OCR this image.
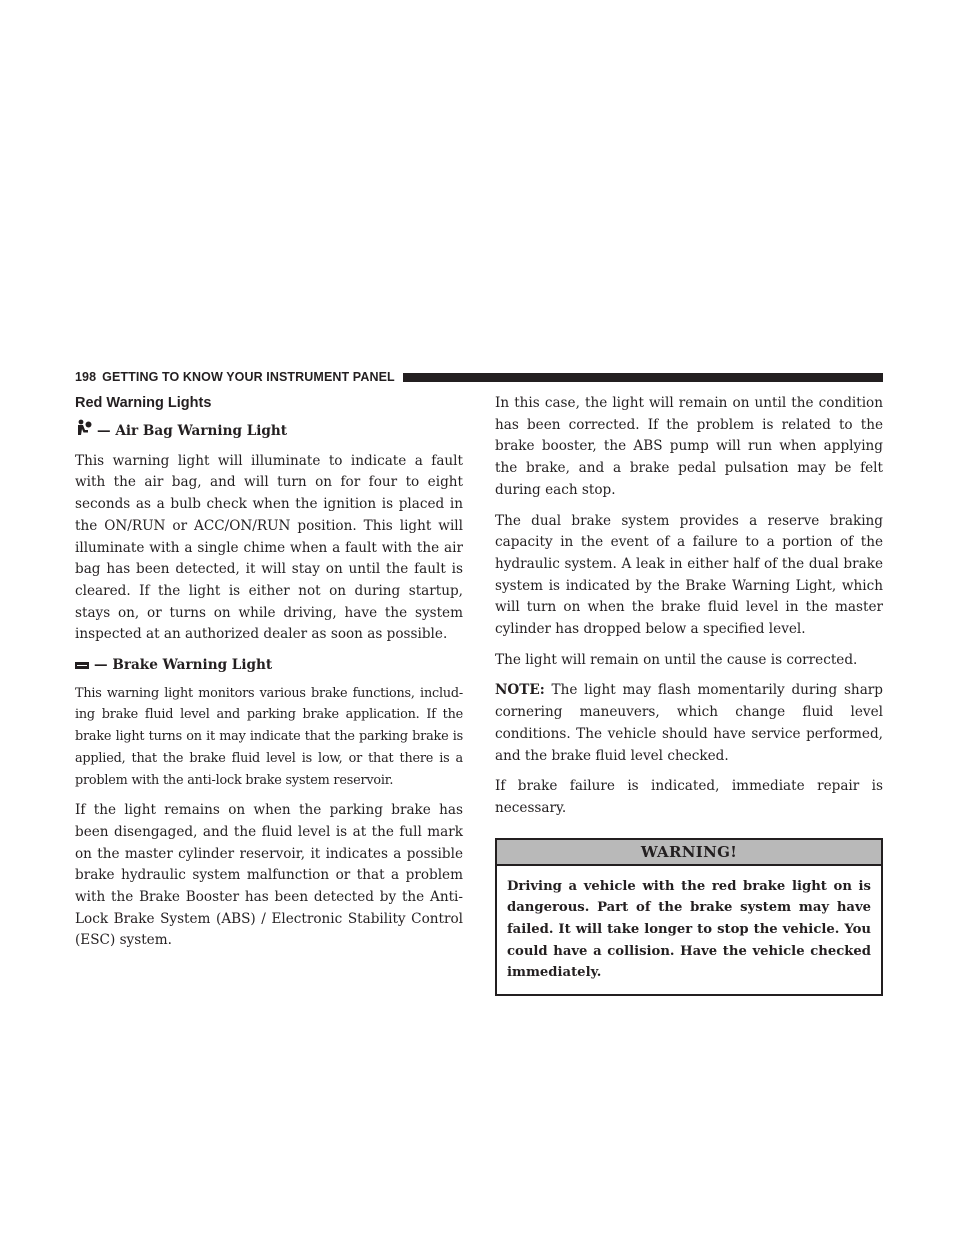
198 GETTING TO KNOW YOUR INSTRUMENT PANEL
Red Warning Lights
— Air Bag Warning Light

This warning light will illuminate to indicate a fault with the air bag, and will turn on for four to eight seconds as a bulb check when the ignition is placed in the ON/RUN or ACC/ON/RUN position. This light will illuminate with a single chime when a fault with the air bag has been detected, it will stay on until the fault is cleared. If the light is either not on during startup, stays on, or turns on while driving, have the system inspected at an authorized dealer as soon as possible.

— Brake Warning Light

This warning light monitors various brake functions, includ-ing brake fluid level and parking brake application. If the brake light turns on it may indicate that the parking brake is applied, that the brake fluid level is low, or that there is a problem with the anti-lock brake system reservoir.

If the light remains on when the parking brake has been disengaged, and the fluid level is at the full mark on the master cylinder reservoir, it indicates a possible brake hydraulic system malfunction or that a problem with the Brake Booster has been detected by the Anti-Lock Brake System (ABS) / Electronic Stability Control (ESC) system.

In this case, the light will remain on until the condition has been corrected. If the problem is related to the brake booster, the ABS pump will run when applying the brake, and a brake pedal pulsation may be felt during each stop.

The dual brake system provides a reserve braking capacity in the event of a failure to a portion of the hydraulic system. A leak in either half of the dual brake system is indicated by the Brake Warning Light, which will turn on when the brake fluid level in the master cylinder has dropped below a specified level.

The light will remain on until the cause is corrected.

NOTE: The light may flash momentarily during sharp cornering maneuvers, which change fluid level conditions. The vehicle should have service performed, and the brake fluid level checked.

If brake failure is indicated, immediate repair is necessary.

WARNING!
Driving a vehicle with the red brake light on is dangerous. Part of the brake system may have failed. It will take longer to stop the vehicle. You could have a collision. Have the vehicle checked immediately.
